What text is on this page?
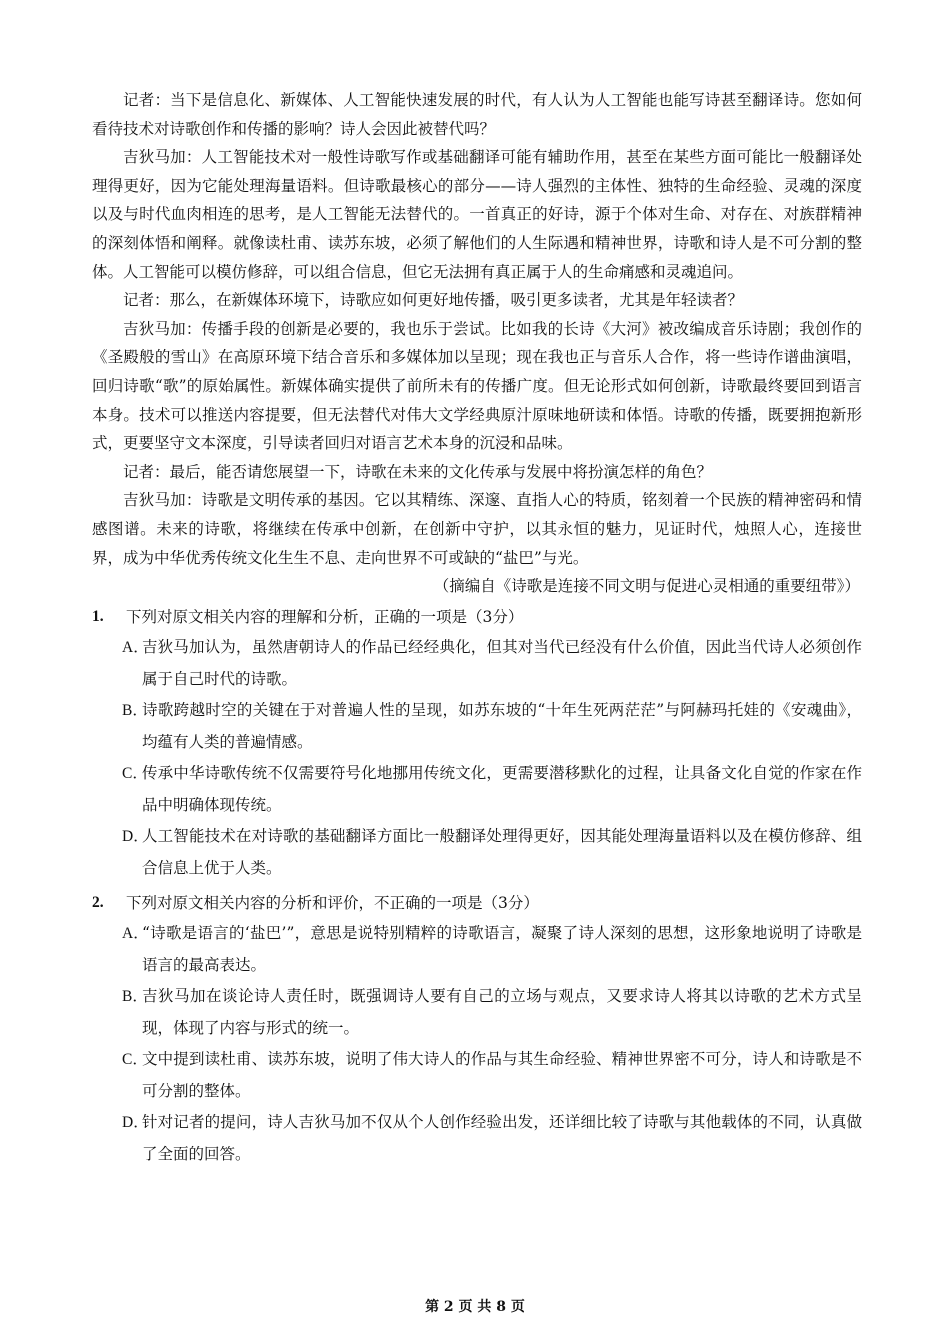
记者：当下是信息化、新媒体、人工智能快速发展的时代，有人认为人工智能也能写诗甚至翻译诗。您如何看待技术对诗歌创作和传播的影响？诗人会因此被替代吗？

吉狄马加：人工智能技术对一般性诗歌写作或基础翻译可能有辅助作用，甚至在某些方面可能比一般翻译处理得更好，因为它能处理海量语料。但诗歌最核心的部分——诗人强烈的主体性、独特的生命经验、灵魂的深度以及与时代血肉相连的思考，是人工智能无法替代的。一首真正的好诗，源于个体对生命、对存在、对族群精神的深刻体悟和阐释。就像读杜甫、读苏东坡，必须了解他们的人生际遇和精神世界，诗歌和诗人是不可分割的整体。人工智能可以模仿修辞，可以组合信息，但它无法拥有真正属于人的生命痛感和灵魂追问。

记者：那么，在新媒体环境下，诗歌应如何更好地传播，吸引更多读者，尤其是年轻读者？

吉狄马加：传播手段的创新是必要的，我也乐于尝试。比如我的长诗《大河》被改编成音乐诗剧；我创作的《圣殿般的雪山》在高原环境下结合音乐和多媒体加以呈现；现在我也正与音乐人合作，将一些诗作谱曲演唱，回归诗歌“歌”的原始属性。新媒体确实提供了前所未有的传播广度。但无论形式如何创新，诗歌最终要回到语言本身。技术可以推送内容提要，但无法替代对伟大文学经典原汁原味地研读和体悟。诗歌的传播，既要拥抱新形式，更要坚守文本深度，引导读者回归对语言艺术本身的沉浸和品味。

记者：最后，能否请您展望一下，诗歌在未来的文化传承与发展中将扮演怎样的角色？

吉狄马加：诗歌是文明传承的基因。它以其精练、深邃、直指人心的特质，铭刻着一个民族的精神密码和情感图谱。未来的诗歌，将继续在传承中创新，在创新中守护，以其永恒的魅力，见证时代，烛照人心，连接世界，成为中华优秀传统文化生生不息、走向世界不可或缺的“盐巴”与光。

（摘编自《诗歌是连接不同文明与促进心灵相通的重要纽带》）

1.	下列对原文相关内容的理解和分析，正确的一项是（3分）
A．
吉狄马加认为，虽然唐朝诗人的作品已经经典化，但其对当代已经没有什么价值，因此当代诗人必须创作属于自己时代的诗歌。
B．
诗歌跨越时空的关键在于对普遍人性的呈现，如苏东坡的“十年生死两茫茫”与阿赫玛托娃的《安魂曲》，均蕴有人类的普遍情感。
C．
传承中华诗歌传统不仅需要符号化地挪用传统文化，更需要潜移默化的过程，让具备文化自觉的作家在作品中明确体现传统。
D．
人工智能技术在对诗歌的基础翻译方面比一般翻译处理得更好，因其能处理海量语料以及在模仿修辞、组合信息上优于人类。
2.	下列对原文相关内容的分析和评价，不正确的一项是（3分）
A．
“诗歌是语言的‘盐巴’”，意思是说特别精粹的诗歌语言，凝聚了诗人深刻的思想，这形象地说明了诗歌是语言的最高表达。
B．
吉狄马加在谈论诗人责任时，既强调诗人要有自己的立场与观点，又要求诗人将其以诗歌的艺术方式呈现，体现了内容与形式的统一。
C．
文中提到读杜甫、读苏东坡，说明了伟大诗人的作品与其生命经验、精神世界密不可分，诗人和诗歌是不可分割的整体。
D．
针对记者的提问，诗人吉狄马加不仅从个人创作经验出发，还详细比较了诗歌与其他载体的不同，认真做了全面的回答。
第 2 页 共 8 页
